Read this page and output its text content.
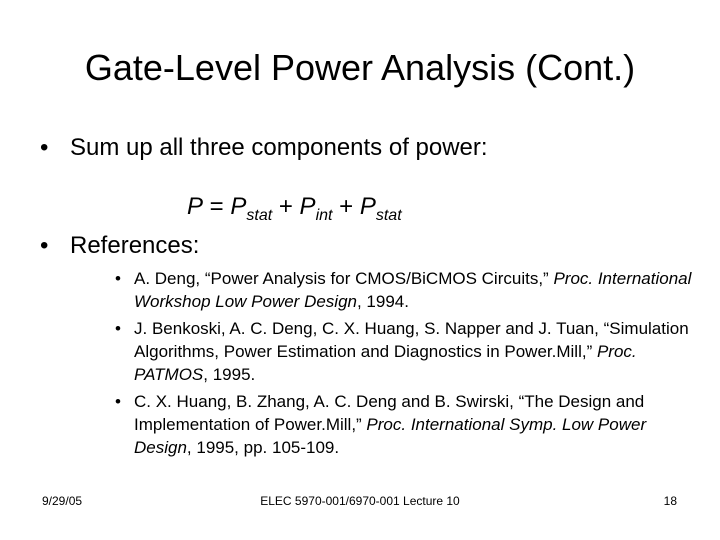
Gate-Level Power Analysis (Cont.)
• Sum up all three components of power:
$P = P_{stat} + P_{int} + P_{stat}$
• References:
• A. Deng, “Power Analysis for CMOS/BiCMOS Circuits,” Proc. International Workshop Low Power Design, 1994.
• J. Benkoski, A. C. Deng, C. X. Huang, S. Napper and J. Tuan, “Simulation Algorithms, Power Estimation and Diagnostics in Power.Mill,” Proc. PATMOS, 1995.
• C. X. Huang, B. Zhang, A. C. Deng and B. Swirski, “The Design and Implementation of Power.Mill,” Proc. International Symp. Low Power Design, 1995, pp. 105-109.
9/29/05	ELEC 5970-001/6970-001 Lecture 10	18
